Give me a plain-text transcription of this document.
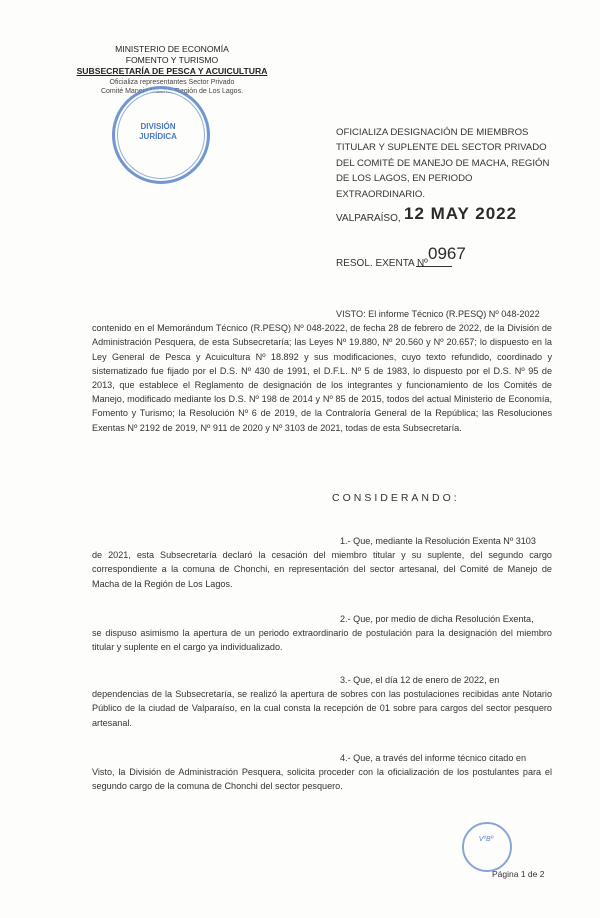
MINISTERIO DE ECONOMÍA
FOMENTO Y TURISMO
SUBSECRETARÍA DE PESCA Y ACUICULTURA
Oficializa representantes Sector Privado
Comité Manejo Macha, Región de Los Lagos.
DIVISIÓN JURÍDICA	OFICIALIZA DESIGNACIÓN DE MIEMBROS TITULAR Y SUPLENTE DEL SECTOR PRIVADO DEL COMITÉ DE MANEJO DE MACHA, REGIÓN DE LOS LAGOS, EN PERIODO EXTRAORDINARIO.
VALPARAÍSO, 12 MAY 2022
RESOL. EXENTA Nº
0967
VISTO: El informe Técnico (R.PESQ) Nº 048-2022
contenido en el Memorándum Técnico (R.PESQ) Nº 048-2022, de fecha 28 de febrero de 2022, de la División de Administración Pesquera, de esta Subsecretaría; las Leyes Nº 19.880, Nº 20.560 y Nº 20.657; lo dispuesto en la Ley General de Pesca y Acuicultura Nº 18.892 y sus modificaciones, cuyo texto refundido, coordinado y sistematizado fue fijado por el D.S. Nº 430 de 1991, el D.F.L. Nº 5 de 1983, lo dispuesto por el D.S. Nº 95 de 2013, que establece el Reglamento de designación de los integrantes y funcionamiento de los Comités de Manejo, modificado mediante los D.S. Nº 198 de 2014 y Nº 85 de 2015, todos del actual Ministerio de Economía, Fomento y Turismo; la Resolución Nº 6 de 2019, de la Contraloría General de la República; las Resoluciones Exentas Nº 2192 de 2019, Nº 911 de 2020 y Nº 3103 de 2021, todas de esta Subsecretaría.
CONSIDERANDO:
1.- Que, mediante la Resolución Exenta Nº 3103
de 2021, esta Subsecretaría declaró la cesación del miembro titular y su suplente, del segundo cargo correspondiente a la comuna de Chonchi, en representación del sector artesanal, del Comité de Manejo de Macha de la Región de Los Lagos.
2.- Que, por medio de dicha Resolución Exenta,
se dispuso asimismo la apertura de un periodo extraordinario de postulación para la designación del miembro titular y suplente en el cargo ya individualizado.
3.- Que, el día 12 de enero de 2022, en
dependencias de la Subsecretaría, se realizó la apertura de sobres con las postulaciones recibidas ante Notario Público de la ciudad de Valparaíso, en la cual consta la recepción de 01 sobre para cargos del sector pesquero artesanal.
4.- Que, a través del informe técnico citado en
Visto, la División de Administración Pesquera, solicita proceder con la oficialización de los postulantes para el segundo cargo de la comuna de Chonchi del sector pesquero.
VºBº
Página 1 de 2
